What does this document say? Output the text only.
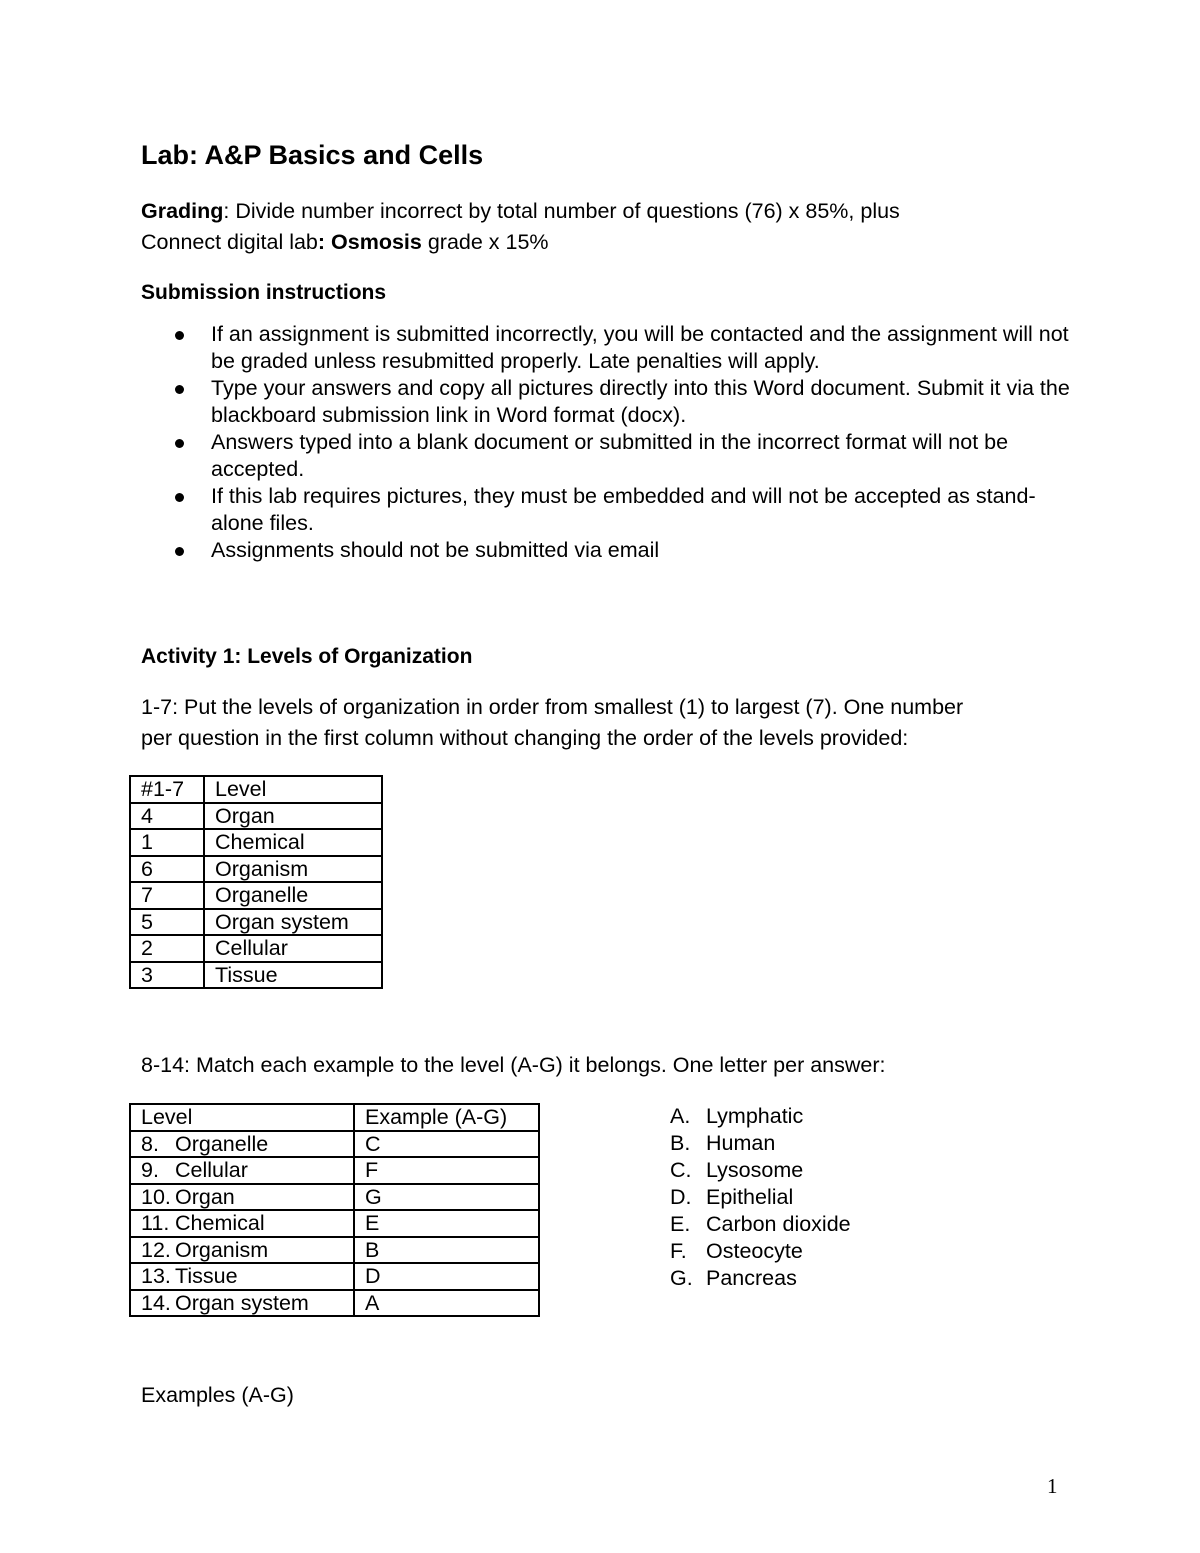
Lab: A&P Basics and Cells
Grading: Divide number incorrect by total number of questions (76) x 85%, plus
Connect digital lab: Osmosis grade x 15%
Submission instructions
If an assignment is submitted incorrectly, you will be contacted and the assignment will not be graded unless resubmitted properly. Late penalties will apply.
Type your answers and copy all pictures directly into this Word document. Submit it via the blackboard submission link in Word format (docx).
Answers typed into a blank document or submitted in the incorrect format will not be accepted.
If this lab requires pictures, they must be embedded and will not be accepted as stand-alone files.
Assignments should not be submitted via email
Activity 1: Levels of Organization
1-7: Put the levels of organization in order from smallest (1) to largest (7). One number
per question in the first column without changing the order of the levels provided:
#1-7	Level
4	Organ
1	Chemical
6	Organism
7	Organelle
5	Organ system
2	Cellular
3	Tissue
8-14: Match each example to the level (A-G) it belongs. One letter per answer:
Level	Example (A-G)
8. Organelle	C
9. Cellular	F
10. Organ	G
11. Chemical	E
12. Organism	B
13. Tissue	D
14. Organ system	A
A. Lymphatic
B. Human
C. Lysosome
D. Epithelial
E. Carbon dioxide
F. Osteocyte
G. Pancreas
Examples (A-G)
1
